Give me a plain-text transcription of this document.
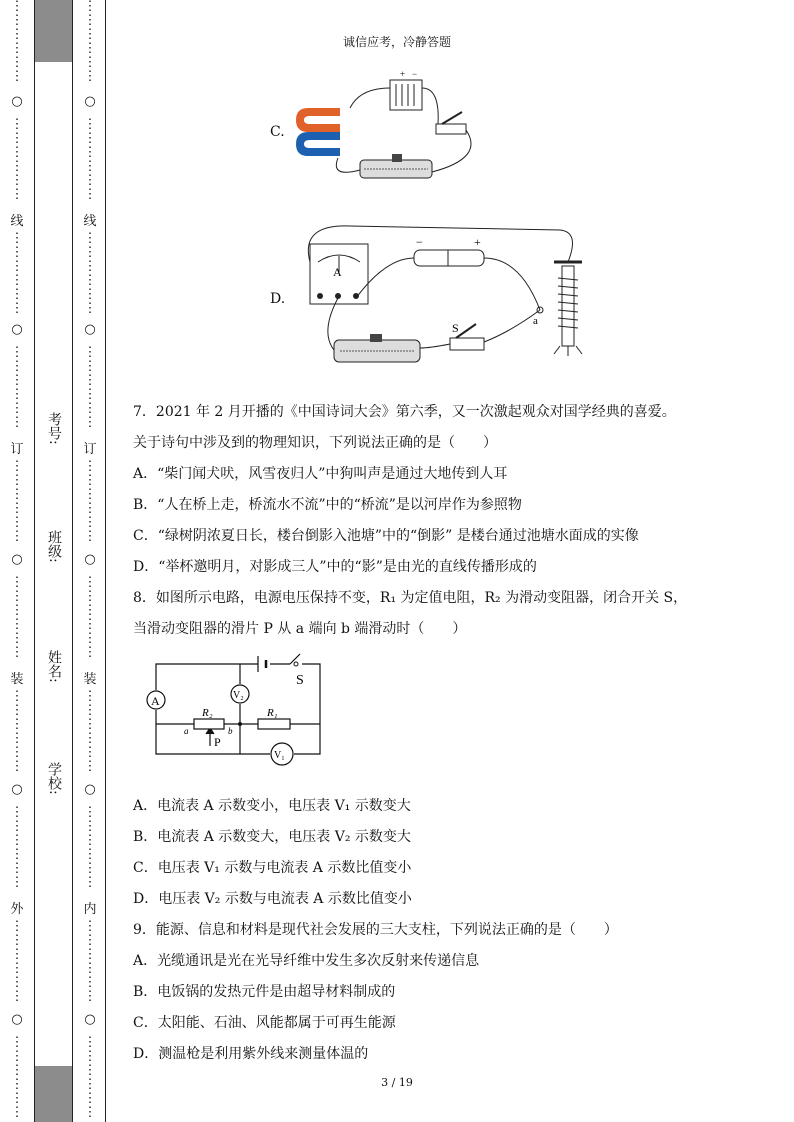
⋮
⋮
⋮
⋮
⋮
⋮
○
⋮
⋮
⋮
⋮
⋮
⋮
线
⋮
⋮
⋮
⋮
⋮
⋮
○
⋮
⋮
⋮
⋮
⋮
⋮
订
⋮
⋮
⋮
⋮
⋮
⋮
○
⋮
⋮
⋮
⋮
⋮
⋮
装
⋮
⋮
⋮
⋮
⋮
⋮
○
⋮
⋮
⋮
⋮
⋮
⋮
外
⋮
⋮
⋮
⋮
⋮
⋮
○
⋮
⋮
⋮
⋮
⋮
⋮
⋮
⋮
⋮
⋮
⋮
⋮
○
⋮
⋮
⋮
⋮
⋮
⋮
线
⋮
⋮
⋮
⋮
⋮
⋮
○
⋮
⋮
⋮
⋮
⋮
⋮
订
⋮
⋮
⋮
⋮
⋮
⋮
○
⋮
⋮
⋮
⋮
⋮
⋮
装
⋮
⋮
⋮
⋮
⋮
⋮
○
⋮
⋮
⋮
⋮
⋮
⋮
内
⋮
⋮
⋮
⋮
⋮
⋮
○
⋮
⋮
⋮
⋮
⋮
⋮
考号:
班级:
姓名:
学校:
诚信应考，冷静答题
C.
+ −
D.
A
−	+
a
S
7．2021 年 2 月开播的《中国诗词大会》第六季，又一次激起观众对国学经典的喜爱。
关于诗句中涉及到的物理知识，下列说法正确的是（　　）
A．“柴门闻犬吠，风雪夜归人”中狗叫声是通过大地传到人耳
B．“人在桥上走，桥流水不流”中的“桥流”是以河岸作为参照物
C．“绿树阴浓夏日长，楼台倒影入池塘”中的“倒影” 是楼台通过池塘水面成的实像
D．“举杯邀明月，对影成三人”中的“影”是由光的直线传播形成的
8．如图所示电路，电源电压保持不变，R₁ 为定值电阻，R₂ 为滑动变阻器，闭合开关 S，
当滑动变阻器的滑片 P 从 a 端向 b 端滑动时（　　）
A	V₂
V₁
R₂	R₁
S
P
a	b
A．电流表 A 示数变小，电压表 V₁ 示数变大
B．电流表 A 示数变大，电压表 V₂ 示数变大
C．电压表 V₁ 示数与电流表 A 示数比值变小
D．电压表 V₂ 示数与电流表 A 示数比值变小
9．能源、信息和材料是现代社会发展的三大支柱，下列说法正确的是（　　）
A．光缆通讯是光在光导纤维中发生多次反射来传递信息
B．电饭锅的发热元件是由超导材料制成的
C．太阳能、石油、风能都属于可再生能源
D．测温枪是利用紫外线来测量体温的
3 / 19
